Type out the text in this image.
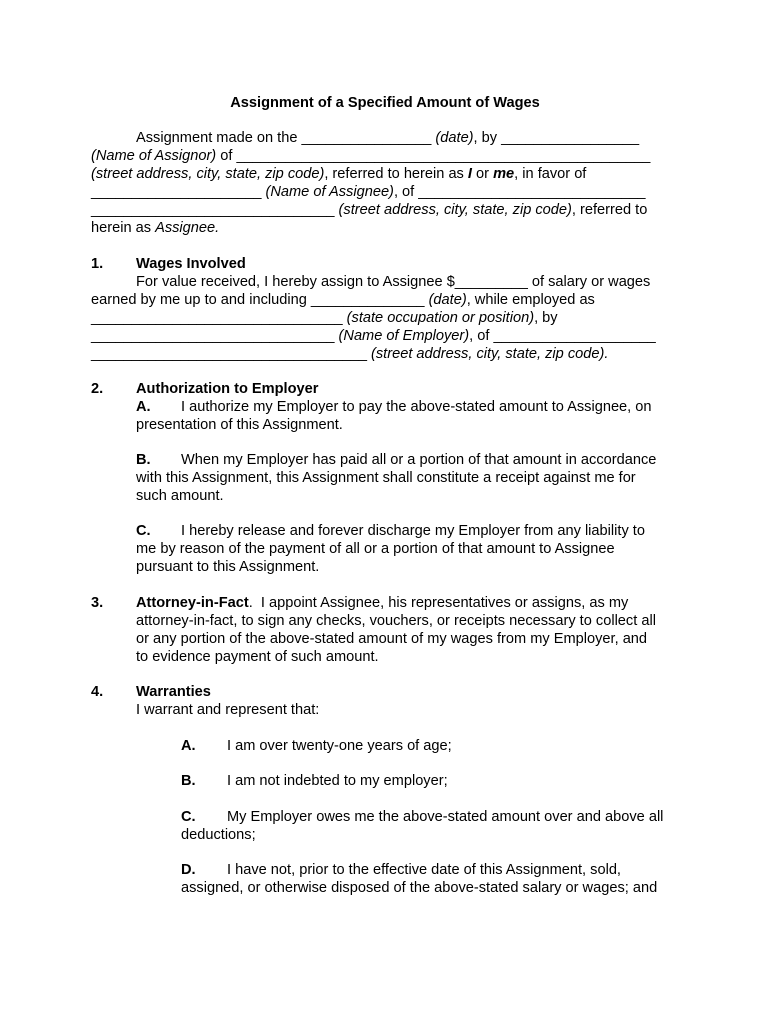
Assignment of a Specified Amount of Wages
Assignment made on the ________________ (date), by _________________
(Name of Assignor) of ___________________________________________________
(street address, city, state, zip code), referred to herein as I or me, in favor of
_____________________ (Name of Assignee), of ____________________________
______________________________ (street address, city, state, zip code), referred to
herein as Assignee.
1. Wages Involved
For value received, I hereby assign to Assignee $_________ of salary or wages
earned by me up to and including ______________ (date), while employed as
_______________________________ (state occupation or position), by
______________________________ (Name of Employer), of ____________________
__________________________________ (street address, city, state, zip code).
2. Authorization to Employer
A. I authorize my Employer to pay the above-stated amount to Assignee, on
presentation of this Assignment.
B. When my Employer has paid all or a portion of that amount in accordance
with this Assignment, this Assignment shall constitute a receipt against me for
such amount.
C. I hereby release and forever discharge my Employer from any liability to
me by reason of the payment of all or a portion of that amount to Assignee
pursuant to this Assignment.
3. Attorney-in-Fact.  I appoint Assignee, his representatives or assigns, as my
attorney-in-fact, to sign any checks, vouchers, or receipts necessary to collect all
or any portion of the above-stated amount of my wages from my Employer, and
to evidence payment of such amount.
4. Warranties
I warrant and represent that:
A. I am over twenty-one years of age;
B. I am not indebted to my employer;
C. My Employer owes me the above-stated amount over and above all
deductions;
D. I have not, prior to the effective date of this Assignment, sold,
assigned, or otherwise disposed of the above-stated salary or wages; and
